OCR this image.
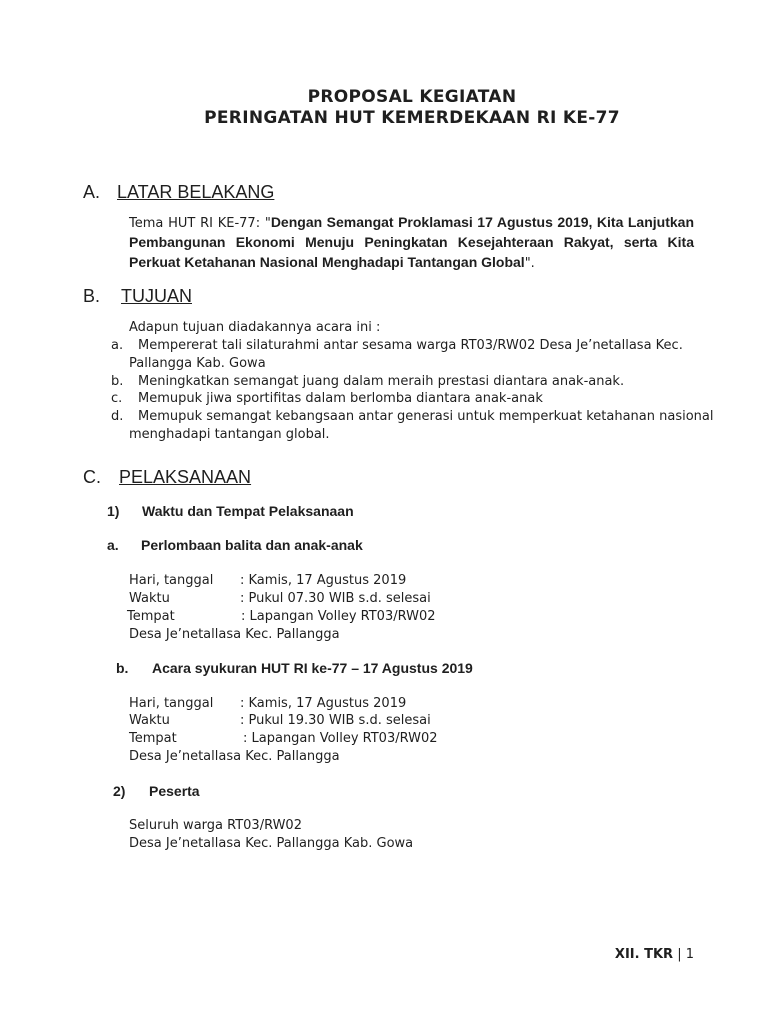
PROPOSAL KEGIATAN
PERINGATAN HUT KEMERDEKAAN RI KE-77
A. LATAR BELAKANG
Tema HUT RI KE-77: "Dengan Semangat Proklamasi 17 Agustus 2019, Kita Lanjutkan Pembangunan Ekonomi Menuju Peningkatan Kesejahteraan Rakyat, serta Kita Perkuat Ketahanan Nasional Menghadapi Tantangan Global".
B. TUJUAN
Adapun tujuan diadakannya acara ini :
a. Mempererat tali silaturahmi antar sesama warga RT03/RW02 Desa Je’netallasa Kec.
Pallangga Kab. Gowa
b. Meningkatkan semangat juang dalam meraih prestasi diantara anak-anak.
c. Memupuk jiwa sportifitas dalam berlomba diantara anak-anak
d. Memupuk semangat kebangsaan antar generasi untuk memperkuat ketahanan nasional
menghadapi tantangan global.
C. PELAKSANAAN
1) Waktu dan Tempat Pelaksanaan
a. Perlombaan balita dan anak-anak
Hari, tanggal : Kamis, 17 Agustus 2019
Waktu	: Pukul 07.30 WIB s.d. selesai
Tempat	: Lapangan Volley RT03/RW02
Desa Je’netallasa Kec. Pallangga
b. Acara syukuran HUT RI ke-77 – 17 Agustus 2019
Hari, tanggal : Kamis, 17 Agustus 2019
Waktu	: Pukul 19.30 WIB s.d. selesai
Tempat	: Lapangan Volley RT03/RW02
Desa Je’netallasa Kec. Pallangga
2) Peserta
Seluruh warga RT03/RW02
Desa Je’netallasa Kec. Pallangga Kab. Gowa
XII. TKR | 1
